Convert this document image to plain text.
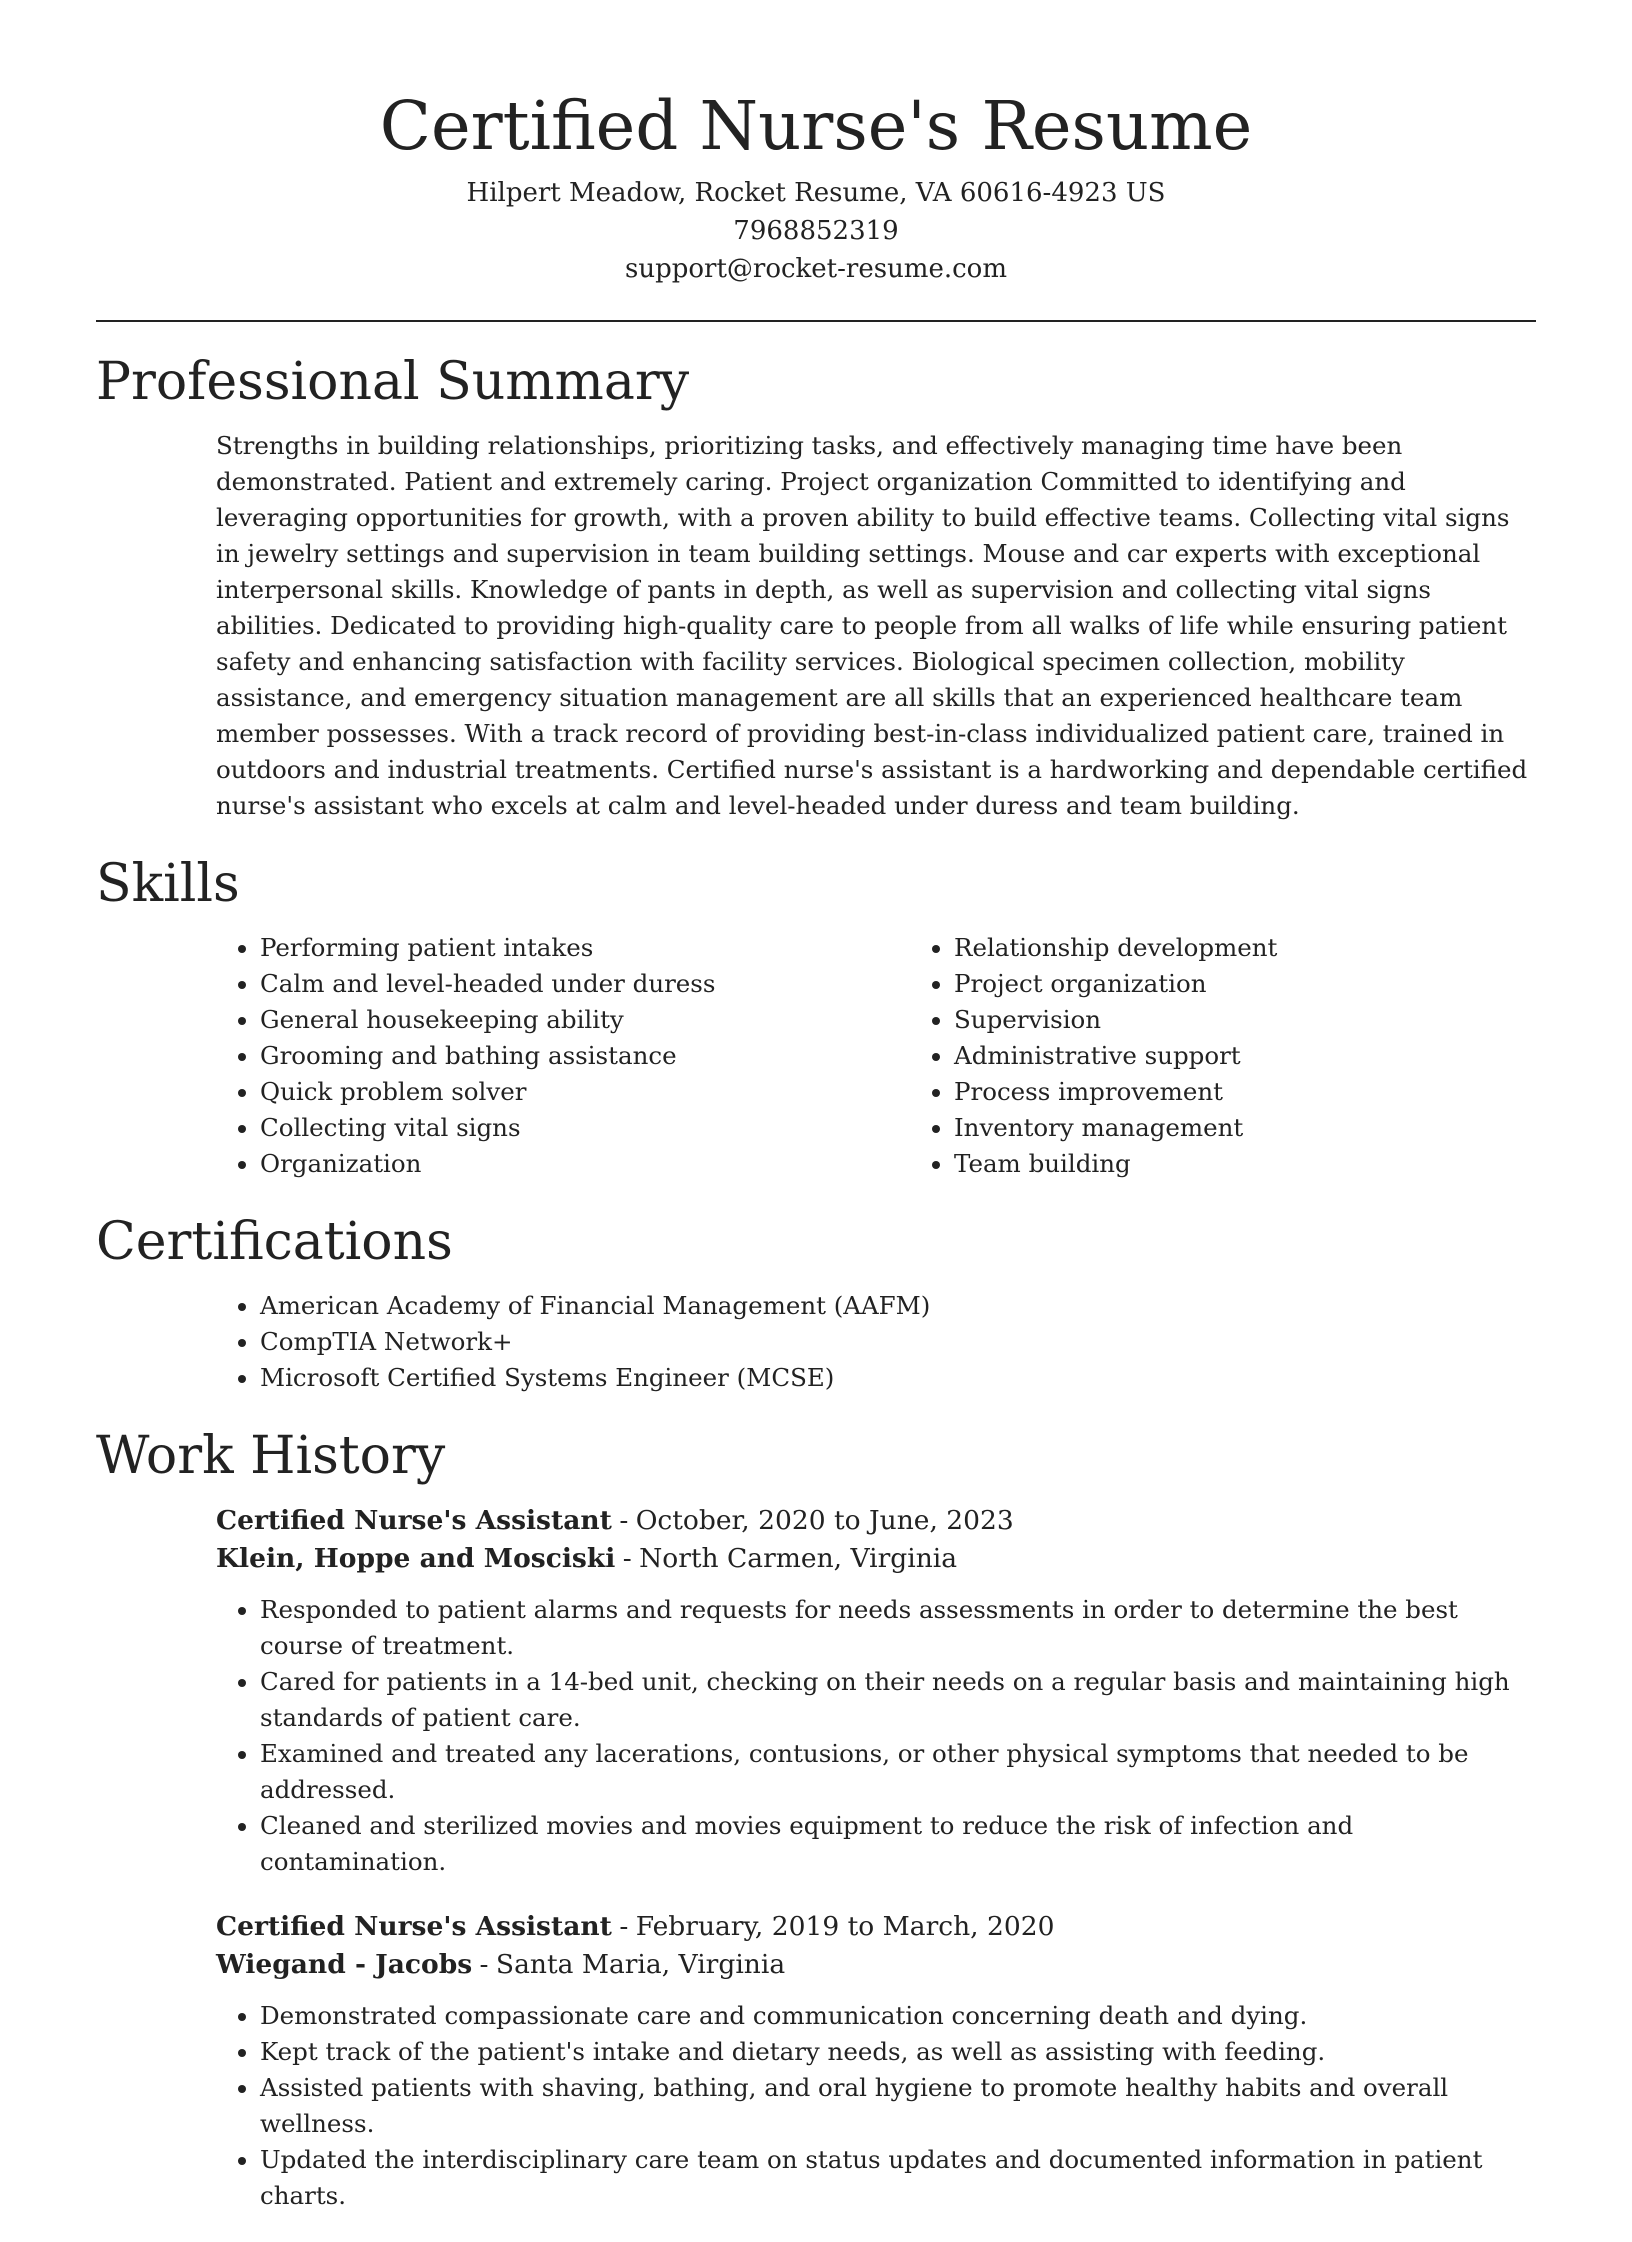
Certified Nurse's Resume
Hilpert Meadow, Rocket Resume, VA 60616-4923 US
7968852319
support@rocket-resume.com
Professional Summary

Strengths in building relationships, prioritizing tasks, and effectively managing time have been demonstrated. Patient and extremely caring. Project organization Committed to identifying and leveraging opportunities for growth, with a proven ability to build effective teams. Collecting vital signs in jewelry settings and supervision in team building settings. Mouse and car experts with exceptional interpersonal skills. Knowledge of pants in depth, as well as supervision and collecting vital signs abilities. Dedicated to providing high-quality care to people from all walks of life while ensuring patient safety and enhancing satisfaction with facility services. Biological specimen collection, mobility assistance, and emergency situation management are all skills that an experienced healthcare team member possesses. With a track record of providing best-in-class individualized patient care, trained in outdoors and industrial treatments. Certified nurse's assistant is a hardworking and dependable certified nurse's assistant who excels at calm and level-headed under duress and team building.

Skills
• Performing patient intakes
• Calm and level-headed under duress
• General housekeeping ability
• Grooming and bathing assistance
• Quick problem solver
• Collecting vital signs
• Organization
• Relationship development
• Project organization
• Supervision
• Administrative support
• Process improvement
• Inventory management
• Team building
Certifications
• American Academy of Financial Management (AAFM)
• CompTIA Network+
• Microsoft Certified Systems Engineer (MCSE)
Work History
Certified Nurse's Assistant - October, 2020 to June, 2023
Klein, Hoppe and Mosciski - North Carmen, Virginia
• Responded to patient alarms and requests for needs assessments in order to determine the best course of treatment.
• Cared for patients in a 14-bed unit, checking on their needs on a regular basis and maintaining high standards of patient care.
• Examined and treated any lacerations, contusions, or other physical symptoms that needed to be addressed.
• Cleaned and sterilized movies and movies equipment to reduce the risk of infection and contamination.
Certified Nurse's Assistant - February, 2019 to March, 2020
Wiegand - Jacobs - Santa Maria, Virginia
• Demonstrated compassionate care and communication concerning death and dying.
• Kept track of the patient's intake and dietary needs, as well as assisting with feeding.
• Assisted patients with shaving, bathing, and oral hygiene to promote healthy habits and overall wellness.
• Updated the interdisciplinary care team on status updates and documented information in patient charts.
